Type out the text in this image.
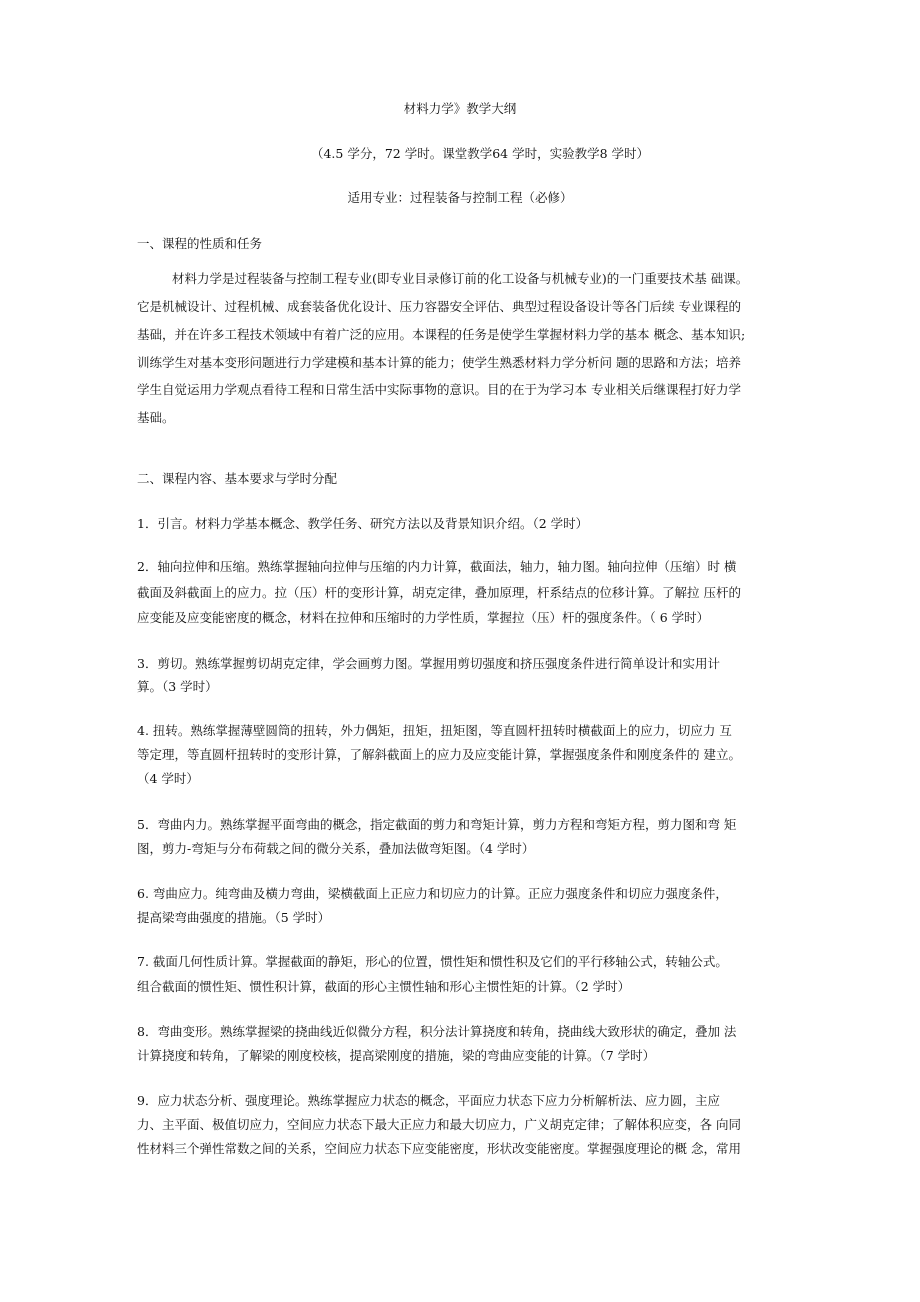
材料力学》教学大纲
（4.5 学分，72 学时。课堂教学64 学时，实验教学8 学时）
适用专业：过程装备与控制工程（必修）
一、课程的性质和任务
材料力学是过程装备与控制工程专业(即专业目录修订前的化工设备与机械专业)的一门重要技术基 础课。
它是机械设计、过程机械、成套装备优化设计、压力容器安全评估、典型过程设备设计等各门后续 专业课程的
基础，并在许多工程技术领域中有着广泛的应用。本课程的任务是使学生掌握材料力学的基本 概念、基本知识;
训练学生对基本变形问题进行力学建模和基本计算的能力；使学生熟悉材料力学分析问 题的思路和方法；培养
学生自觉运用力学观点看待工程和日常生活中实际事物的意识。目的在于为学习本 专业相关后继课程打好力学
基础。
二、课程内容、基本要求与学时分配
1．引言。材料力学基本概念、教学任务、研究方法以及背景知识介绍。（2 学时）
2．轴向拉伸和压缩。熟练掌握轴向拉伸与压缩的内力计算，截面法，轴力，轴力图。轴向拉伸（压缩）时 横
截面及斜截面上的应力。拉（压）杆的变形计算，胡克定律，叠加原理，杆系结点的位移计算。了解拉 压杆的
应变能及应变能密度的概念，材料在拉伸和压缩时的力学性质，掌握拉（压）杆的强度条件。（ 6 学时）
3．剪切。熟练掌握剪切胡克定律，学会画剪力图。掌握用剪切强度和挤压强度条件进行简单设计和实用计
算。（3 学时）
4. 扭转。熟练掌握薄壁圆筒的扭转，外力偶矩，扭矩，扭矩图，等直圆杆扭转时横截面上的应力，切应力 互
等定理，等直圆杆扭转时的变形计算，了解斜截面上的应力及应变能计算，掌握强度条件和刚度条件的 建立。
（4 学时）
5．弯曲内力。熟练掌握平面弯曲的概念，指定截面的剪力和弯矩计算，剪力方程和弯矩方程，剪力图和弯 矩
图，剪力-弯矩与分布荷载之间的微分关系，叠加法做弯矩图。（4 学时）
6. 弯曲应力。纯弯曲及横力弯曲，梁横截面上正应力和切应力的计算。正应力强度条件和切应力强度条件，
提高梁弯曲强度的措施。（5 学时）
7. 截面几何性质计算。掌握截面的静矩，形心的位置，惯性矩和惯性积及它们的平行移轴公式，转轴公式。
组合截面的惯性矩、惯性积计算，截面的形心主惯性轴和形心主惯性矩的计算。（2 学时）
8．弯曲变形。熟练掌握梁的挠曲线近似微分方程，积分法计算挠度和转角，挠曲线大致形状的确定，叠加 法
计算挠度和转角，了解梁的刚度校核，提高梁刚度的措施，梁的弯曲应变能的计算。（7 学时）
9．应力状态分析、强度理论。熟练掌握应力状态的概念，平面应力状态下应力分析解析法、应力圆，主应
力、主平面、极值切应力，空间应力状态下最大正应力和最大切应力，广义胡克定律；了解体积应变，各 向同
性材料三个弹性常数之间的关系，空间应力状态下应变能密度，形状改变能密度。掌握强度理论的概 念，常用
